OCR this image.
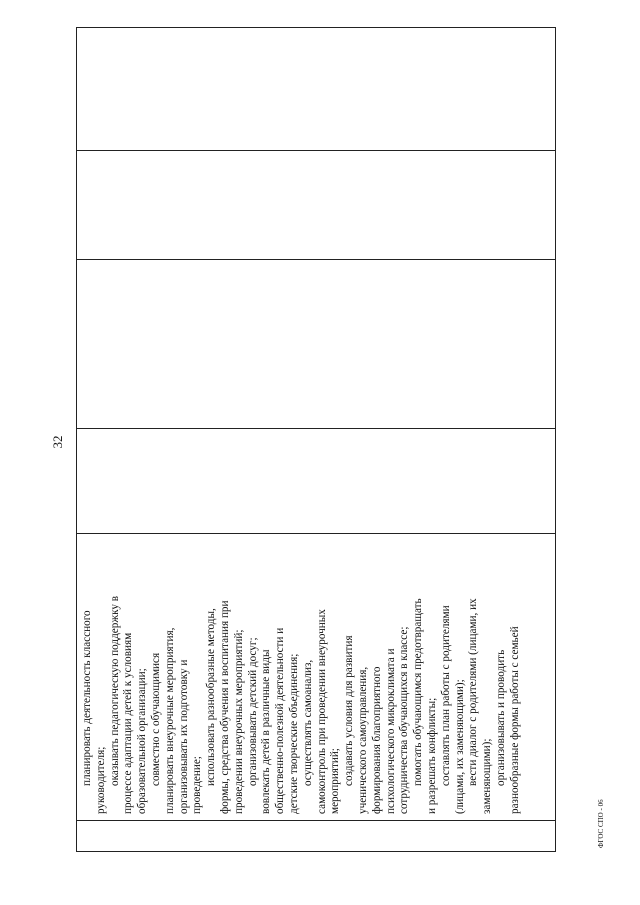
32

планировать деятельность классного руководителя; оказывать педагогическую поддержку в процессе адаптации детей к условиям образовательной организации; совместно с обучающимися планировать внеурочные мероприятия, организовывать их подготовку и проведение; использовать разнообразные методы, формы, средства обучения и воспитания при проведении внеурочных мероприятий; организовывать детский досуг; вовлекать детей в различные виды общественно-полезной деятельности и детские творческие объединения; осуществлять самоанализ, самоконтроль при проведении внеурочных мероприятий; создавать условия для развития ученического самоуправления, формирования благоприятного психологического микроклимата и сотрудничества обучающихся в классе; помогать обучающимся предотвращать и разрешать конфликты; составлять план работы с родителями (лицами, их заменяющими); вести диалог с родителями (лицами, их заменяющими); организовывать и проводить разнообразные формы работы с семьей

ФГОС СПО - 06
